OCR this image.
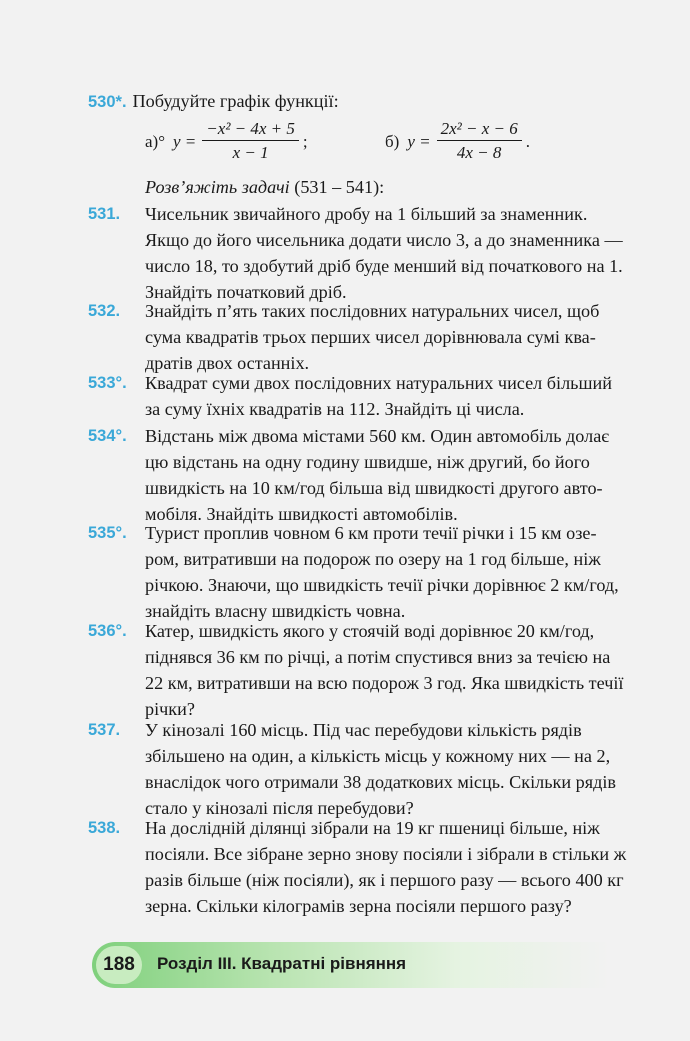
530*. Побудуйте графік функції:
а)° $y = \frac{\text{−x² − 4x + 5}}{x - 1}$ ;	б) $y = \frac{\text{2x² − x − 6}}{4x - 8}$ .
Розв’яжіть задачі (531 – 541):
531. Чисельник звичайного дробу на 1 більший за знаменник.
Якщо до його чисельника додати число 3, а до знаменника —
число 18, то здобутий дріб буде менший від початкового на 1.
Знайдіть початковий дріб.
532. Знайдіть п’ять таких послідовних натуральних чисел, щоб
сума квадратів трьох перших чисел дорівнювала сумі ква-
дратів двох останніх.
533°. Квадрат суми двох послідовних натуральних чисел більший
за суму їхніх квадратів на 112. Знайдіть ці числа.
534°. Відстань між двома містами 560 км. Один автомобіль долає
цю відстань на одну годину швидше, ніж другий, бо його
швидкість на 10 км/год більша від швидкості другого авто-
мобіля. Знайдіть швидкості автомобілів.
535°. Турист проплив човном 6 км проти течії річки і 15 км озе-
ром, витративши на подорож по озеру на 1 год більше, ніж
річкою. Знаючи, що швидкість течії річки дорівнює 2 км/год,
знайдіть власну швидкість човна.
536°. Катер, швидкість якого у стоячій воді дорівнює 20 км/год,
піднявся 36 км по річці, а потім спустився вниз за течією на
22 км, витративши на всю подорож 3 год. Яка швидкість течії
річки?
537. У кінозалі 160 місць. Під час перебудови кількість рядів
збільшено на один, а кількість місць у кожному них — на 2,
внаслідок чого отримали 38 додаткових місць. Скільки рядів
стало у кінозалі після перебудови?
538. На дослідній ділянці зібрали на 19 кг пшениці більше, ніж
посіяли. Все зібране зерно знову посіяли і зібрали в стільки ж
разів більше (ніж посіяли), як і першого разу — всього 400 кг
зерна. Скільки кілограмів зерна посіяли першого разу?
188	Розділ ІІІ. Квадратні рівняння
